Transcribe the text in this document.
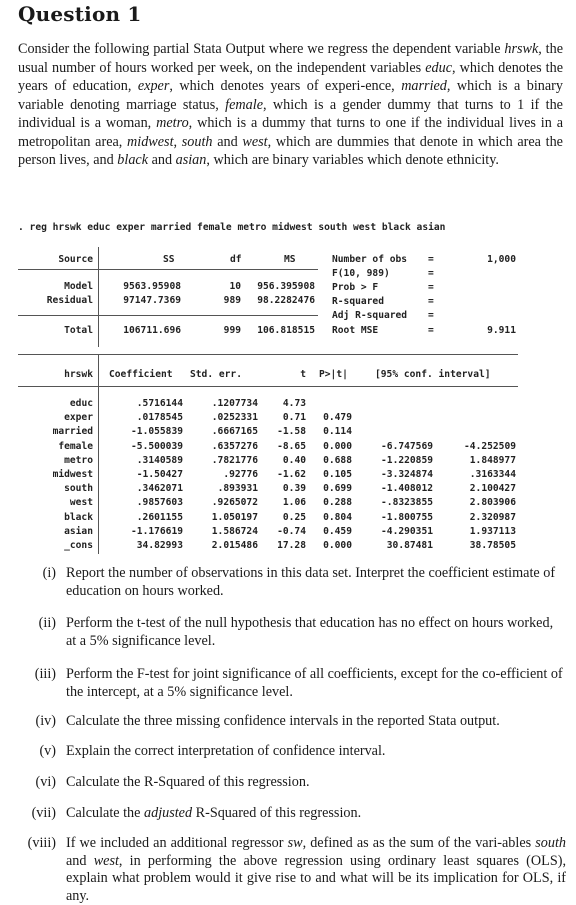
Question 1

Consider the following partial Stata Output where we regress the dependent variable hrswk, the usual number of hours worked per week, on the independent variables educ, which denotes the years of education, exper, which denotes years of experi-ence, married, which is a binary variable denoting marriage status, female, which is a gender dummy that turns to 1 if the individual is a woman, metro, which is a dummy that turns to one if the individual lives in a metropolitan area, midwest, south and west, which are dummies that denote in which area the person lives, and black and asian, which are binary variables which denote ethnicity.

. reg hrswk educ exper married female metro midwest south west black asian
Source	SS	df	MS
Model	9563.95908	10	956.395908
Residual	97147.7369	989	98.2282476
Total	106711.696	999	106.818515
Number of obs =	1,000
F(10, 989)	=
Prob > F	=
R-squared	=
Adj R-squared =
Root MSE	=	9.911
hrswk Coefficient Std. err.	t P>|t|	[95% conf. interval]
educ	.5716144	.1207734	4.73
exper	.0178545	.0252331	0.71	0.479
married	-1.055839	.6667165	-1.58	0.114
female	-5.500039	.6357276	-8.65	0.000	-6.747569	-4.252509
metro	.3140589	.7821776	0.40	0.688	-1.220859	1.848977
midwest	-1.50427	.92776	-1.62	0.105	-3.324874	.3163344
south	.3462071	.893931	0.39	0.699	-1.408012	2.100427
west	.9857603	.9265072	1.06	0.288	-.8323855	2.803906
black	.2601155	1.050197	0.25	0.804	-1.800755	2.320987
asian	-1.176619	1.586724	-0.74	0.459	-4.290351	1.937113
_cons	34.82993	2.015486	17.28	0.000	30.87481	38.78505
(i) Report the number of observations in this data set. Interpret the coefficient estimate of education on hours worked.
(ii) Perform the t-test of the null hypothesis that education has no effect on hours worked, at a 5% significance level.
(iii) Perform the F-test for joint significance of all coefficients, except for the co-efficient of the intercept, at a 5% significance level.
(iv) Calculate the three missing confidence intervals in the reported Stata output.
(v) Explain the correct interpretation of confidence interval.
(vi) Calculate the R-Squared of this regression.
(vii) Calculate the adjusted R-Squared of this regression.
(viii) If we included an additional regressor sw, defined as as the sum of the vari-ables south and west, in performing the above regression using ordinary least squares (OLS), explain what problem would it give rise to and what will be its implication for OLS, if any.
